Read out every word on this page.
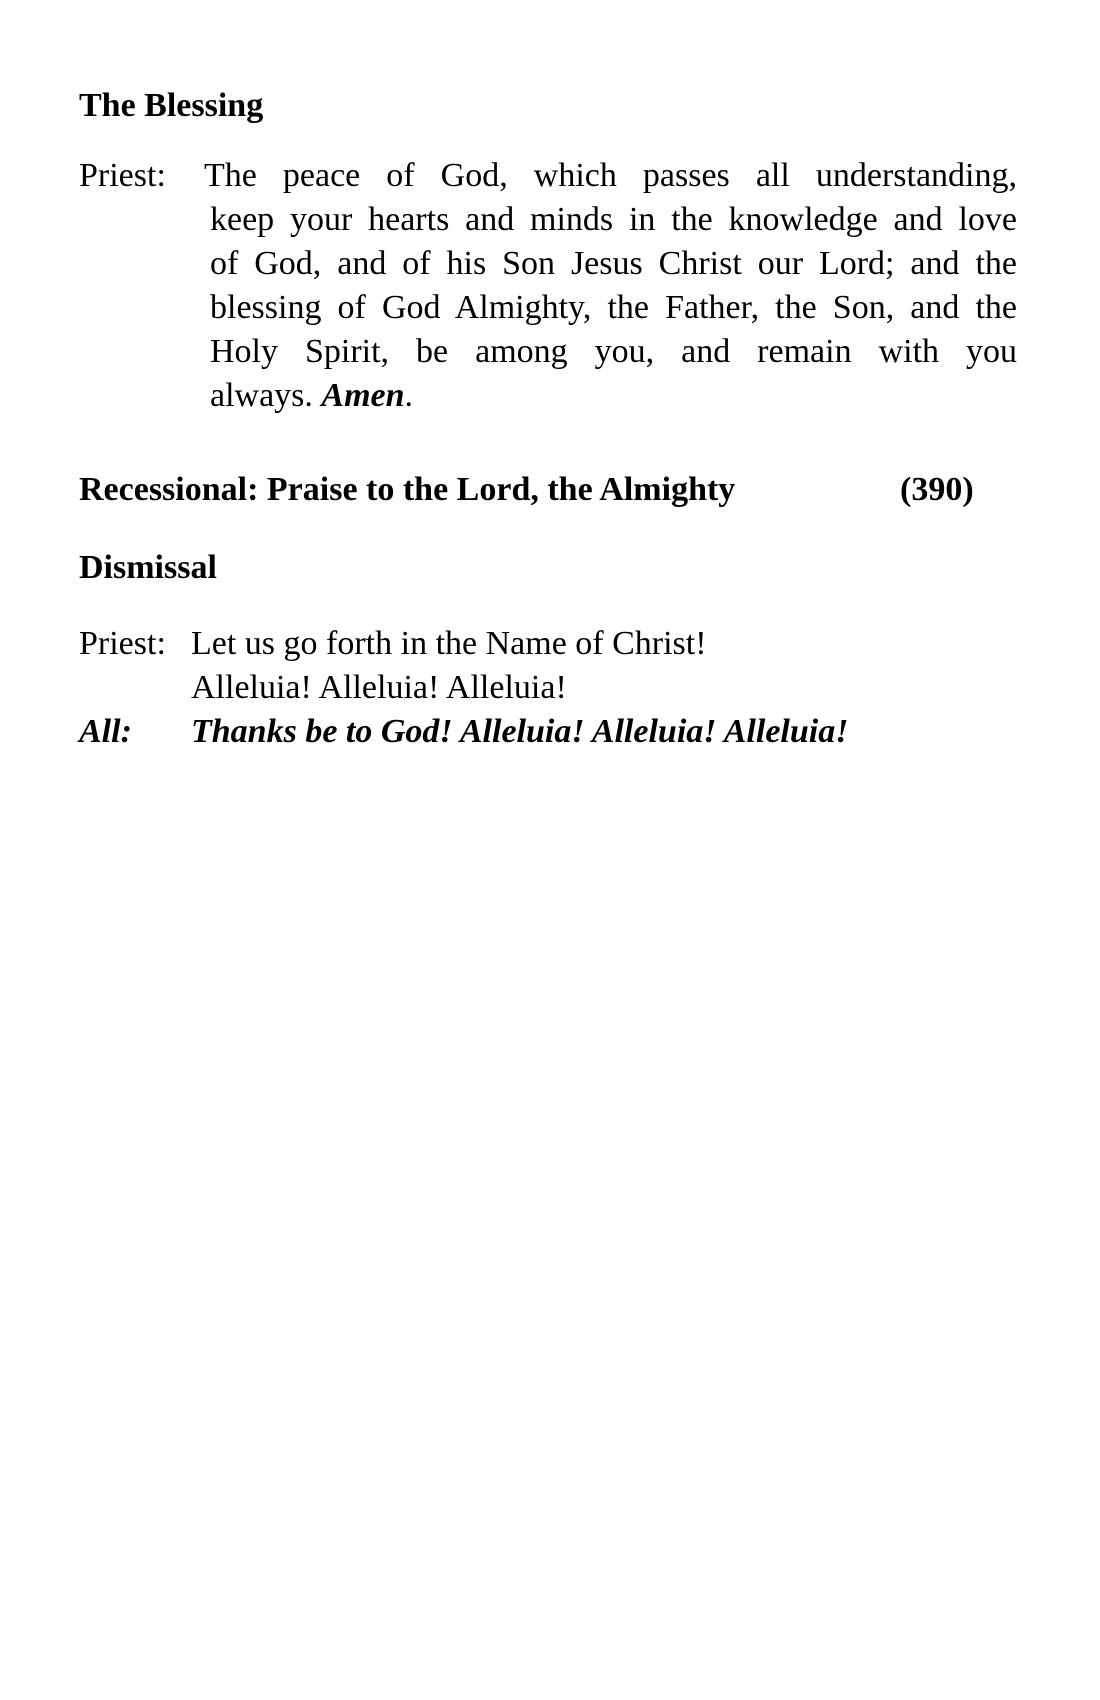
The Blessing
Priest: The peace of God, which passes all understanding,
keep your hearts and minds in the knowledge and love
of God, and of his Son Jesus Christ our Lord; and the
blessing of God Almighty, the Father, the Son, and the
Holy Spirit, be among you, and remain with you
always. Amen.
Recessional: Praise to the Lord, the Almighty	(390)
Dismissal
Priest: Let us go forth in the Name of Christ!
Alleluia! Alleluia! Alleluia!
All: Thanks be to God! Alleluia! Alleluia! Alleluia!
